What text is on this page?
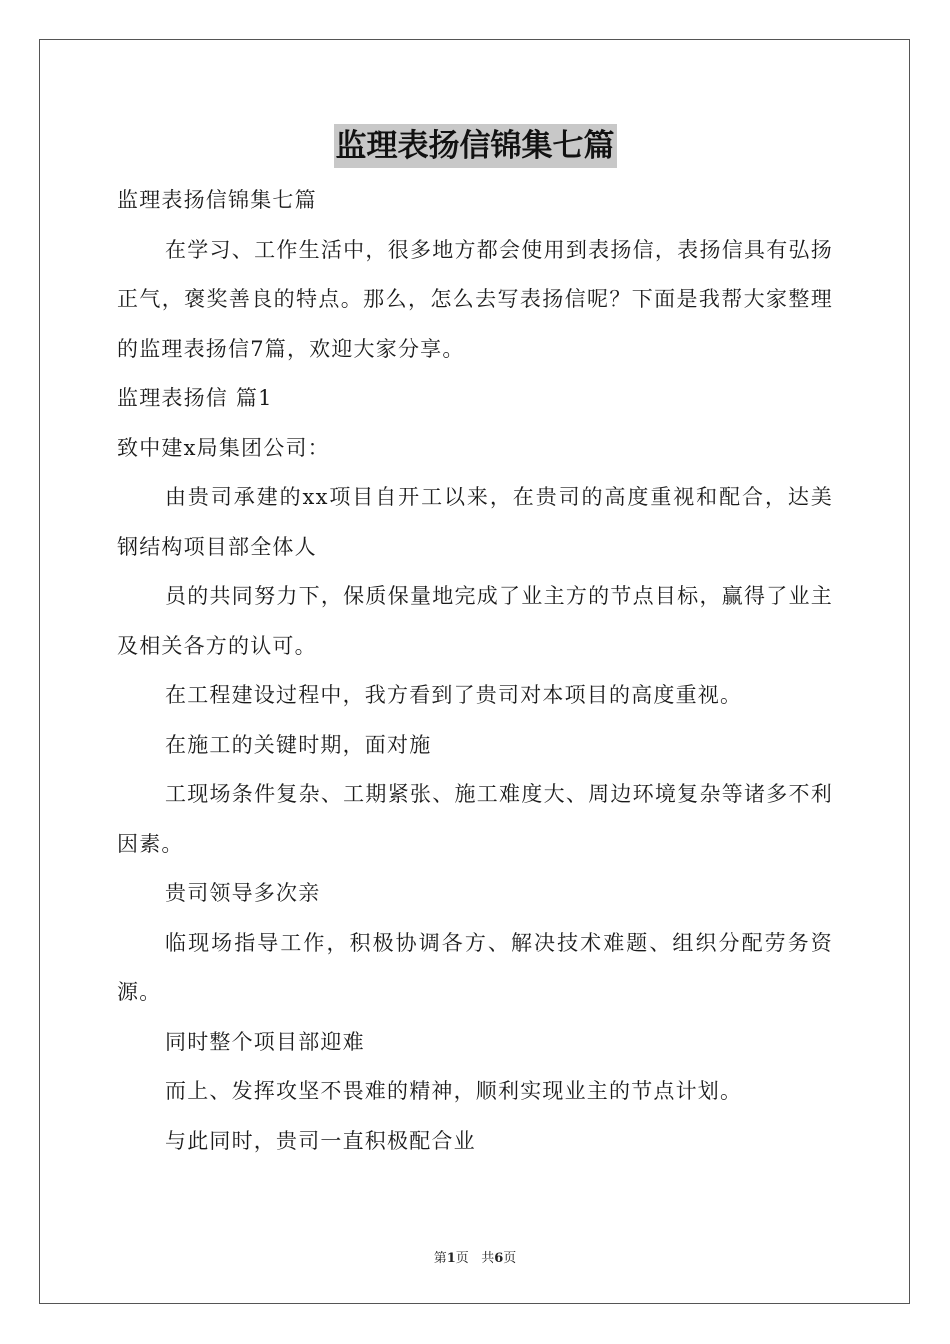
监理表扬信锦集七篇

监理表扬信锦集七篇

在学习、工作生活中，很多地方都会使用到表扬信，表扬信具有弘扬正气，褒奖善良的特点。那么，怎么去写表扬信呢？下面是我帮大家整理的监理表扬信7篇，欢迎大家分享。

监理表扬信 篇1

致中建x局集团公司：

由贵司承建的xx项目自开工以来，在贵司的高度重视和配合，达美钢结构项目部全体人

员的共同努力下，保质保量地完成了业主方的节点目标，赢得了业主及相关各方的认可。

在工程建设过程中，我方看到了贵司对本项目的高度重视。

在施工的关键时期，面对施

工现场条件复杂、工期紧张、施工难度大、周边环境复杂等诸多不利因素。

贵司领导多次亲

临现场指导工作，积极协调各方、解决技术难题、组织分配劳务资源。

同时整个项目部迎难

而上、发挥攻坚不畏难的精神，顺利实现业主的节点计划。

与此同时，贵司一直积极配合业

第1页 共6页
